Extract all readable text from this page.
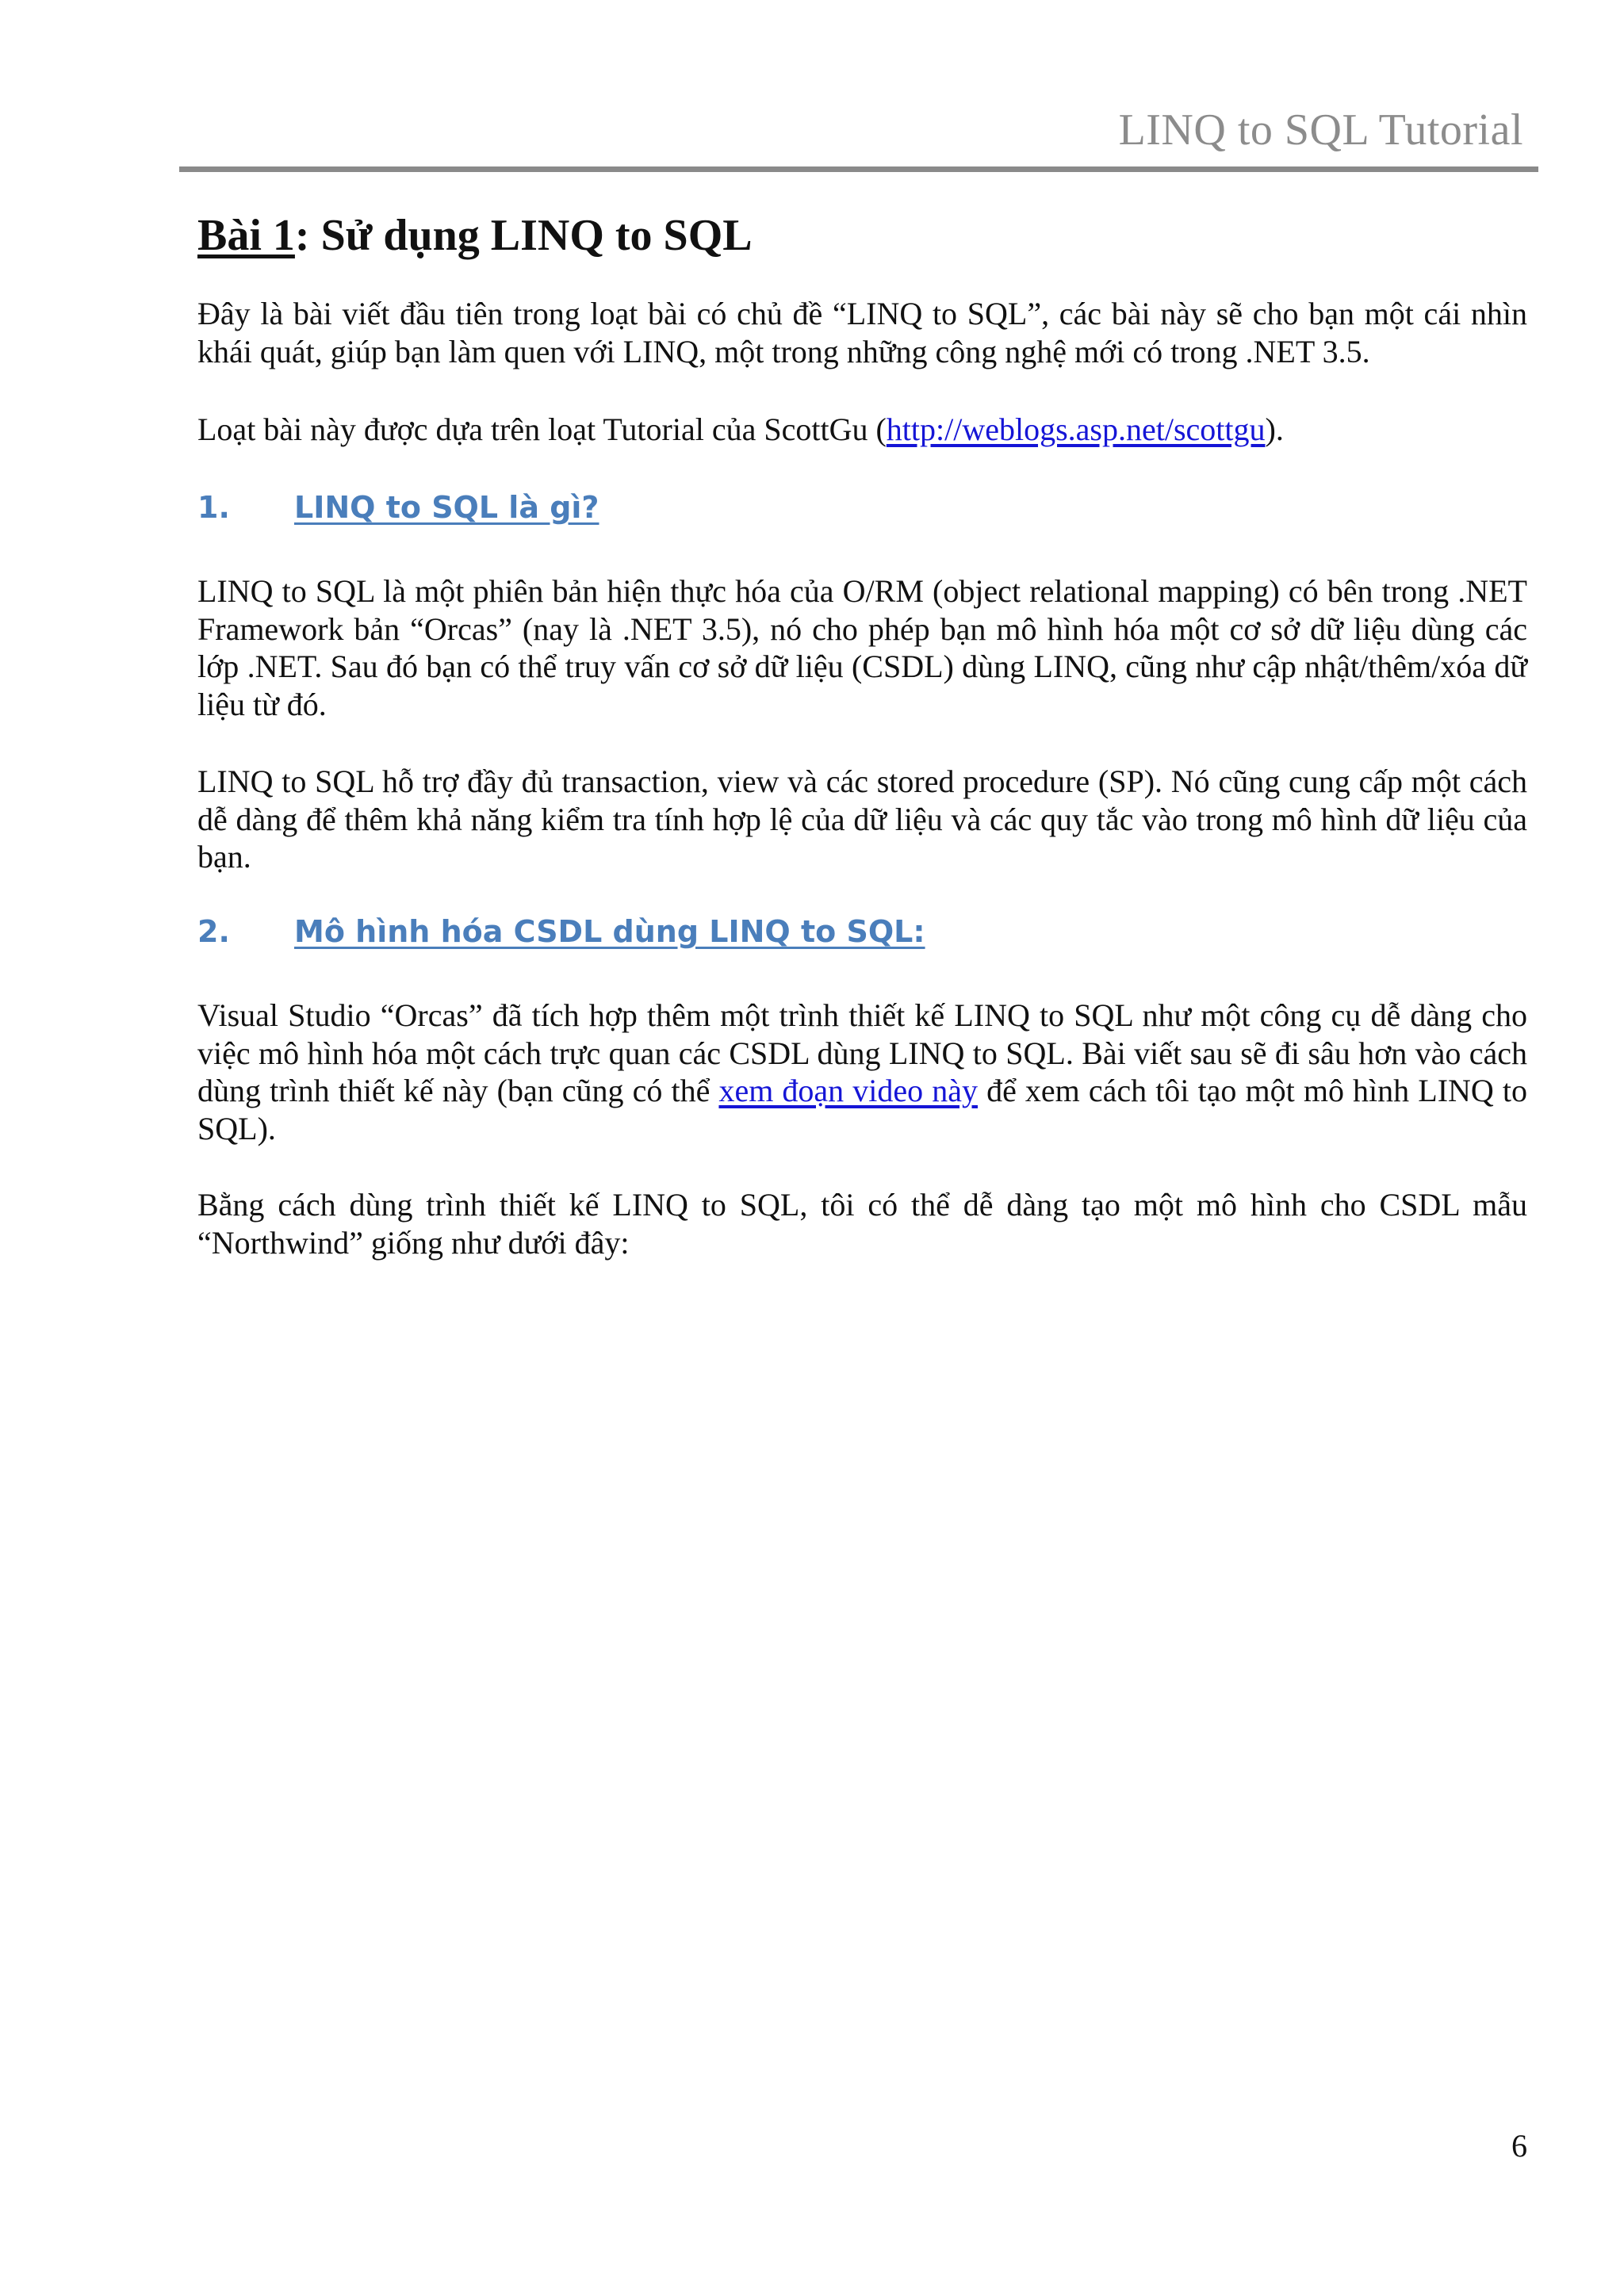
LINQ to SQL Tutorial
Bài 1: Sử dụng LINQ to SQL

Đây là bài viết đầu tiên trong loạt bài có chủ đề “LINQ to SQL”, các bài này sẽ cho bạn một cái nhìn khái quát, giúp bạn làm quen với LINQ, một trong những công nghệ mới có trong .NET 3.5.

Loạt bài này được dựa trên loạt Tutorial của ScottGu (http://weblogs.asp.net/scottgu).

1. LINQ to SQL là gì?

LINQ to SQL là một phiên bản hiện thực hóa của O/RM (object relational mapping) có bên trong .NET Framework bản “Orcas” (nay là .NET 3.5), nó cho phép bạn mô hình hóa một cơ sở dữ liệu dùng các lớp .NET. Sau đó bạn có thể truy vấn cơ sở dữ liệu (CSDL) dùng LINQ, cũng như cập nhật/thêm/xóa dữ liệu từ đó.

LINQ to SQL hỗ trợ đầy đủ transaction, view và các stored procedure (SP). Nó cũng cung cấp một cách dễ dàng để thêm khả năng kiểm tra tính hợp lệ của dữ liệu và các quy tắc vào trong mô hình dữ liệu của bạn.

2. Mô hình hóa CSDL dùng LINQ to SQL:

Visual Studio “Orcas” đã tích hợp thêm một trình thiết kế LINQ to SQL như một công cụ dễ dàng cho việc mô hình hóa một cách trực quan các CSDL dùng LINQ to SQL. Bài viết sau sẽ đi sâu hơn vào cách dùng trình thiết kế này (bạn cũng có thể xem đoạn video này để xem cách tôi tạo một mô hình LINQ to SQL).

Bằng cách dùng trình thiết kế LINQ to SQL, tôi có thể dễ dàng tạo một mô hình cho CSDL mẫu “Northwind” giống như dưới đây:

6
